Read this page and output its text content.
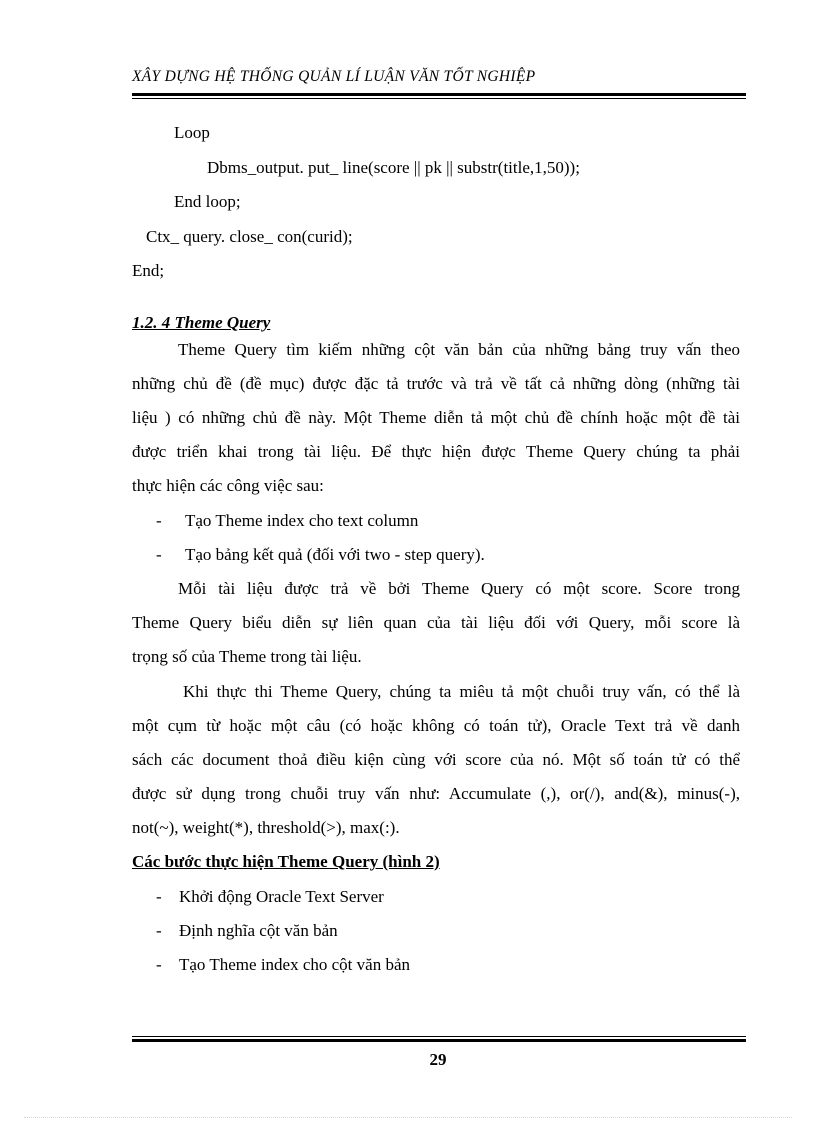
XÂY DỰNG HỆ THỐNG QUẢN LÍ LUẬN VĂN TỐT NGHIỆP
Loop
Dbms_output. put_ line(score || pk || substr(title,1,50));
End loop;
Ctx_ query. close_ con(curid);
End;
1.2. 4 Theme Query
Theme Query tìm kiếm những cột văn bản của những bảng truy vấn theo
những chủ đề (đề mục) được đặc tả trước và trả về tất cả những dòng (những tài
liệu ) có những chủ đề này. Một Theme diễn tả một chủ đề chính hoặc một đề tài
được triển khai trong tài liệu. Để thực hiện được Theme Query chúng ta phải
thực hiện các công việc sau:
- Tạo Theme index cho text column
- Tạo bảng kết quả (đối với two - step query).
Mỗi tài liệu được trả về bởi Theme Query có một score. Score trong
Theme Query biểu diễn sự liên quan của tài liệu đối với Query, mỗi score là
trọng số của Theme trong tài liệu.
Khi thực thi Theme Query, chúng ta miêu tả một chuỗi truy vấn, có thể là
một cụm từ hoặc một câu (có hoặc không có toán tử), Oracle Text trả về danh
sách các document thoả điều kiện cùng với score của nó. Một số toán tử có thể
được sử dụng trong chuỗi truy vấn như: Accumulate (,), or(/), and(&), minus(-),
not(~), weight(*), threshold(>), max(:).
Các bước thực hiện Theme Query (hình 2)
- Khởi động Oracle Text Server
- Định nghĩa cột văn bản
- Tạo Theme index cho cột văn bản
29
